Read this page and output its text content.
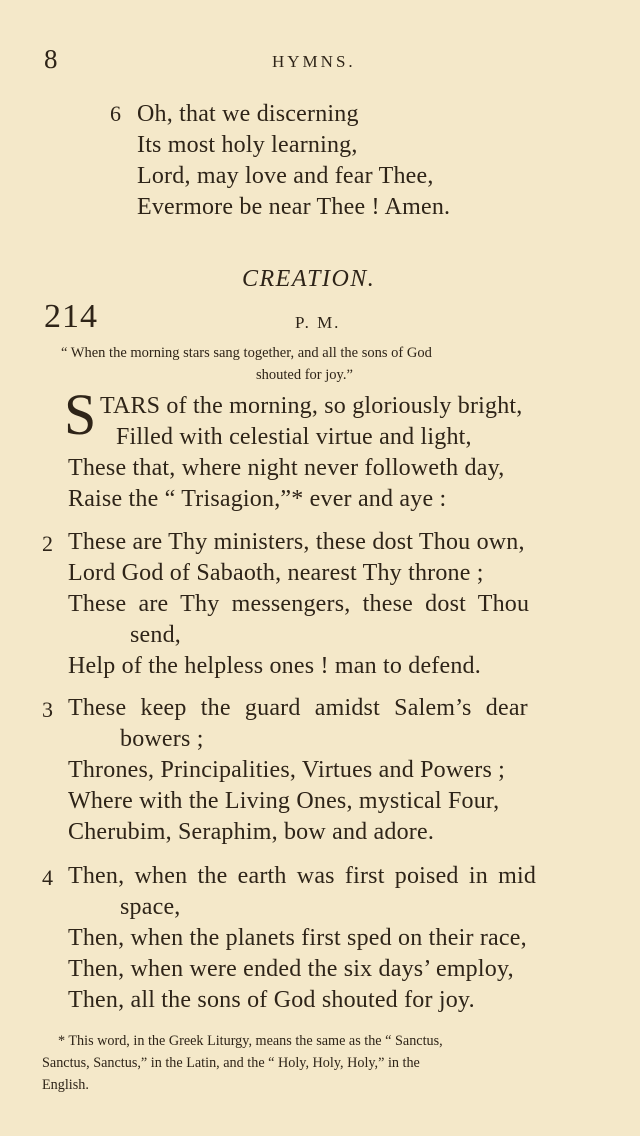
8	HYMNS.
6 Oh, that we discerning
Its most holy learning,
Lord, may love and fear Thee,
Evermore be near Thee ! Amen.
CREATION.
214	P. M.
“ When the morning stars sang together, and all the sons of God
shouted for joy.”
S TARS of the morning, so gloriously bright,
Filled with celestial virtue and light,
These that, where night never followeth day,
Raise the “ Trisagion,”* ever and aye :
2 These are Thy ministers, these dost Thou own,
Lord God of Sabaoth, nearest Thy throne ;
These are Thy messengers, these dost Thou
send,
Help of the helpless ones ! man to defend.
3 These keep the guard amidst Salem’s dear
bowers ;
Thrones, Principalities, Virtues and Powers ;
Where with the Living Ones, mystical Four,
Cherubim, Seraphim, bow and adore.
4 Then, when the earth was first poised in mid
space,
Then, when the planets first sped on their race,
Then, when were ended the six days’ employ,
Then, all the sons of God shouted for joy.
* This word, in the Greek Liturgy, means the same as the “ Sanctus,
Sanctus, Sanctus,” in the Latin, and the “ Holy, Holy, Holy,” in the
English.
